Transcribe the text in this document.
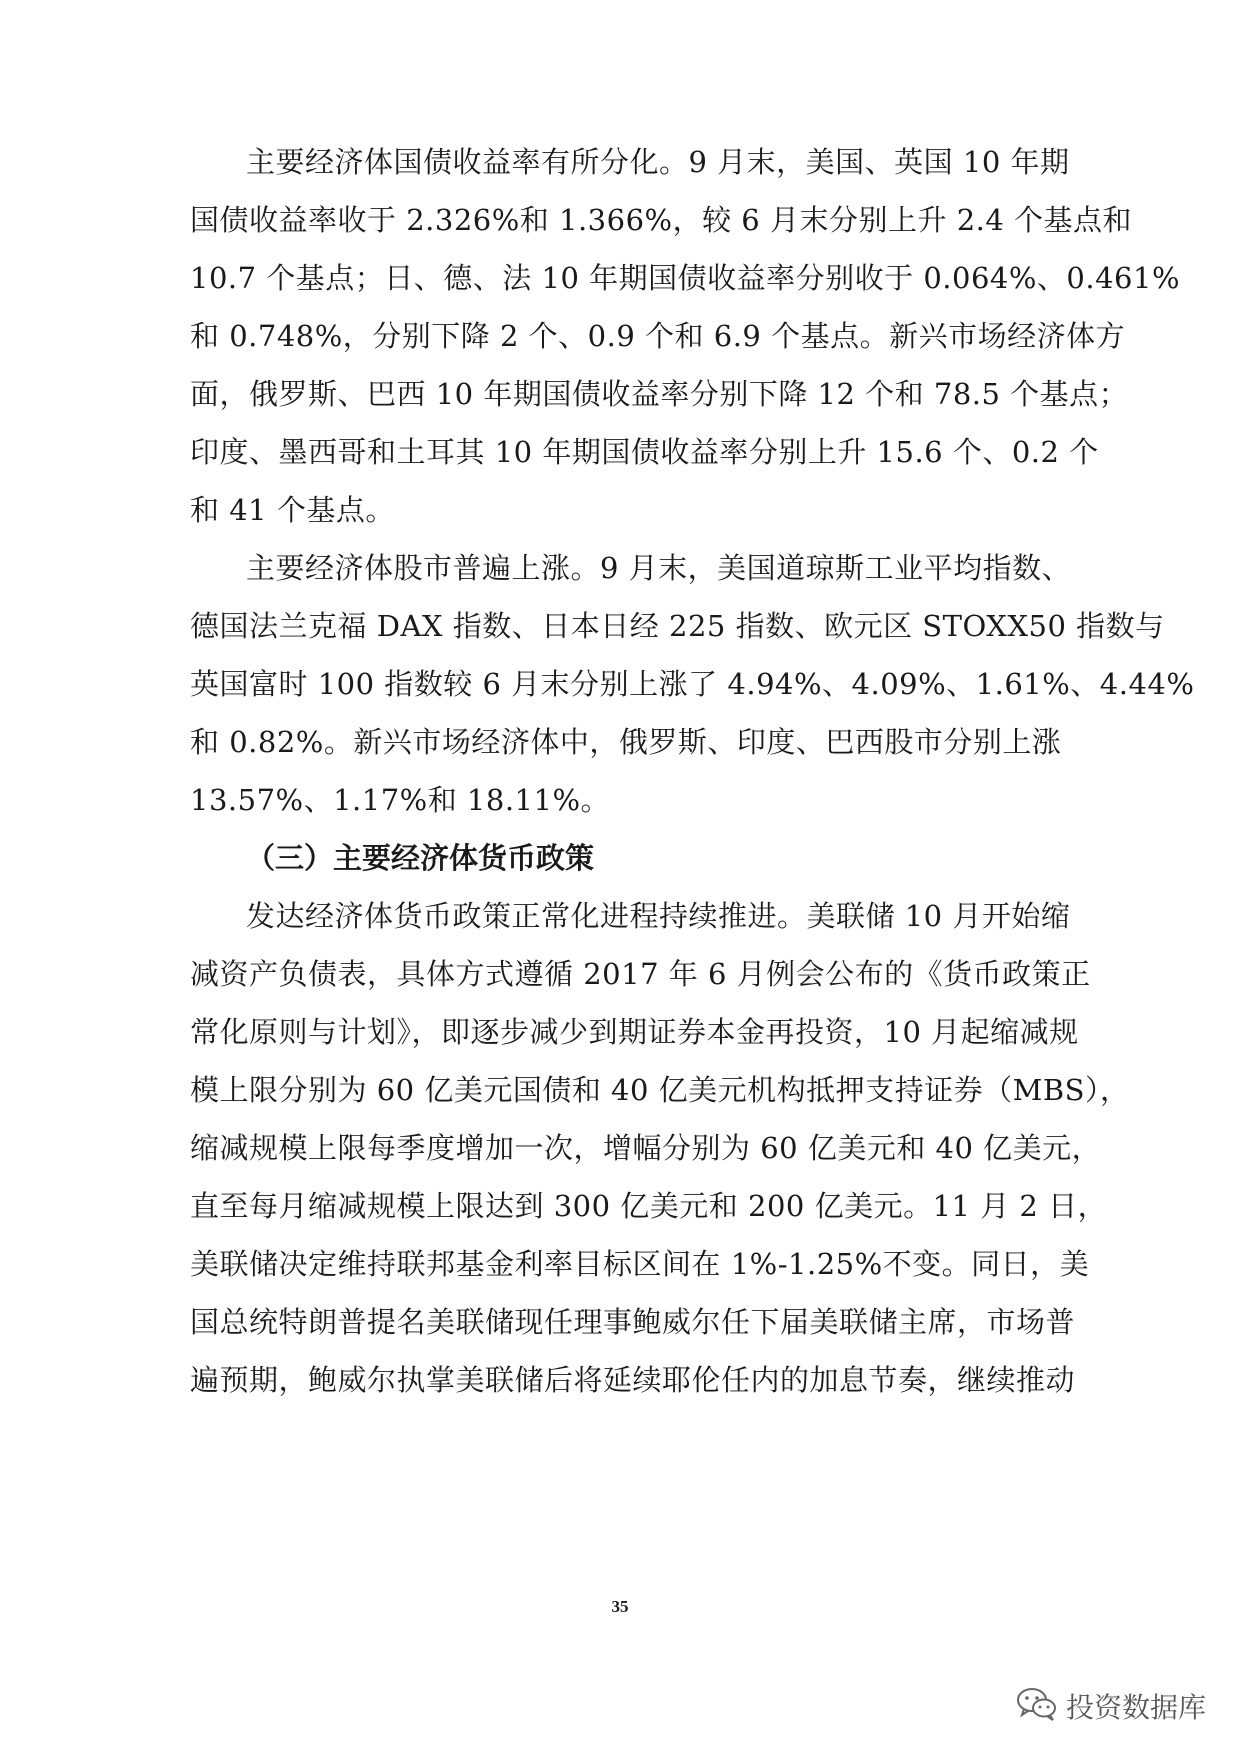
主要经济体国债收益率有所分化。9 月末，美国、英国 10 年期
国债收益率收于 2.326%和 1.366%，较 6 月末分别上升 2.4 个基点和
10.7 个基点；日、德、法 10 年期国债收益率分别收于 0.064%、0.461%
和 0.748%，分别下降 2 个、0.9 个和 6.9 个基点。新兴市场经济体方
面，俄罗斯、巴西 10 年期国债收益率分别下降 12 个和 78.5 个基点；
印度、墨西哥和土耳其 10 年期国债收益率分别上升 15.6 个、0.2 个
和 41 个基点。
主要经济体股市普遍上涨。9 月末，美国道琼斯工业平均指数、
德国法兰克福 DAX 指数、日本日经 225 指数、欧元区 STOXX50 指数与
英国富时 100 指数较 6 月末分别上涨了 4.94%、4.09%、1.61%、4.44%
和 0.82%。新兴市场经济体中，俄罗斯、印度、巴西股市分别上涨
13.57%、1.17%和 18.11%。
（三）主要经济体货币政策
发达经济体货币政策正常化进程持续推进。美联储 10 月开始缩
减资产负债表，具体方式遵循 2017 年 6 月例会公布的《货币政策正
常化原则与计划》，即逐步减少到期证券本金再投资，10 月起缩减规
模上限分别为 60 亿美元国债和 40 亿美元机构抵押支持证券（MBS），
缩减规模上限每季度增加一次，增幅分别为 60 亿美元和 40 亿美元，
直至每月缩减规模上限达到 300 亿美元和 200 亿美元。11 月 2 日，
美联储决定维持联邦基金利率目标区间在 1%-1.25%不变。同日，美
国总统特朗普提名美联储现任理事鲍威尔任下届美联储主席，市场普
遍预期，鲍威尔执掌美联储后将延续耶伦任内的加息节奏，继续推动
35
投资数据库
